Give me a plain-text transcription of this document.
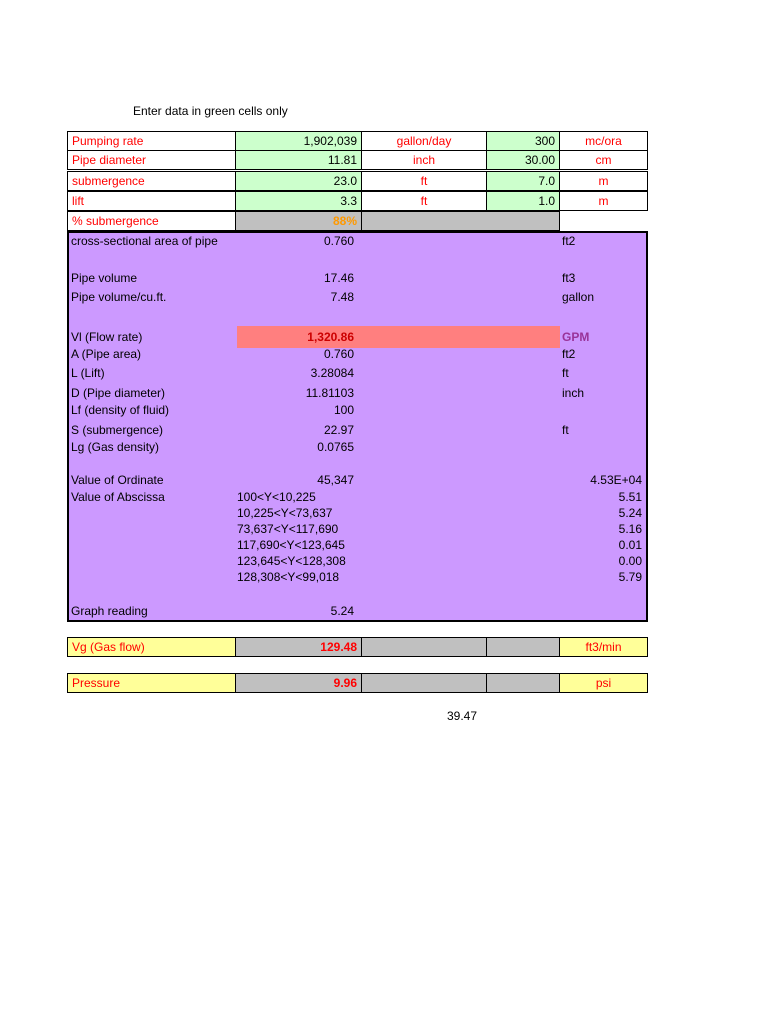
Enter data in green cells only
Pumping rate	1,902,039	gallon/day	300	mc/ora
Pipe diameter	11.81	inch	30.00	cm
submergence	23.0	ft	7.0	m
lift	3.3	ft	1.0	m
% submergence	88%
cross-sectional area of pipe	0.760	ft2
Pipe volume	17.46	ft3
Pipe volume/cu.ft.	7.48	gallon
Vl (Flow rate)	1,320.86	GPM
A (Pipe area)	0.760	ft2
L (Lift)	3.28084	ft
D (Pipe diameter)	11.81103	inch
Lf (density of fluid)	100
S (submergence)	22.97	ft
Lg (Gas density)	0.0765
Value of Ordinate	45,347	4.53E+04
Value of Abscissa	100<Y<10,225	5.51
10,225<Y<73,637	5.24
73,637<Y<117,690	5.16
117,690<Y<123,645	0.01
123,645<Y<128,308	0.00
128,308<Y<99,018	5.79
Graph reading	5.24
Vg (Gas flow)	129.48	ft3/min
Pressure	9.96	psi
39.47
